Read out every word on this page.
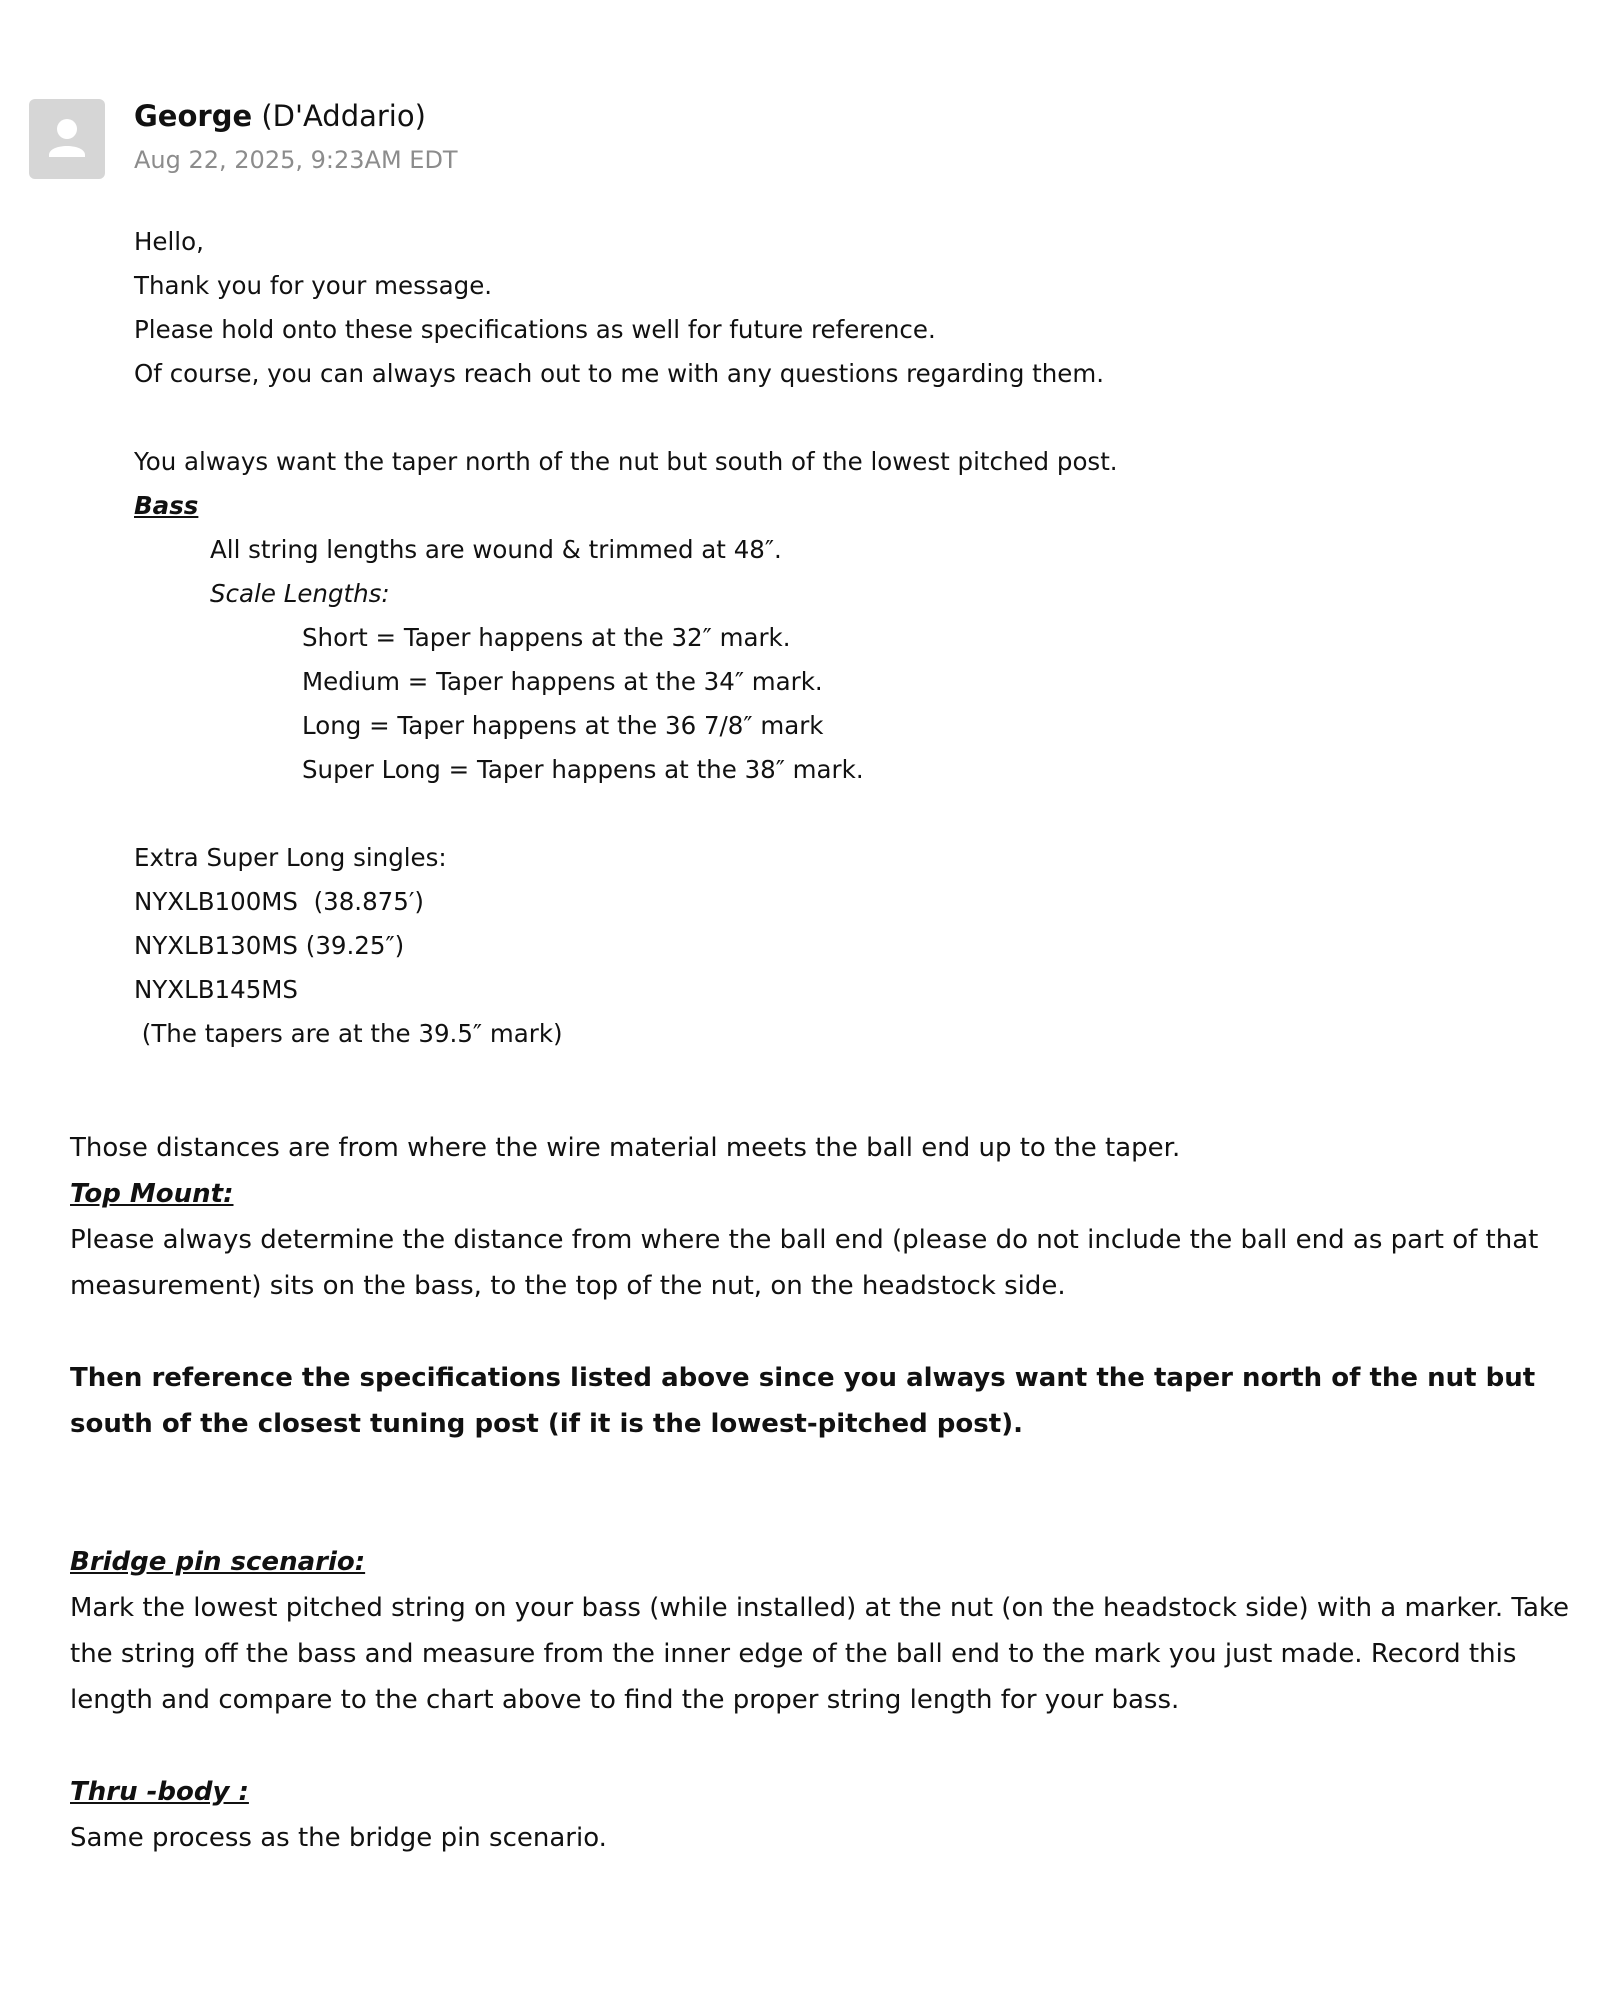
George (D'Addario)
Aug 22, 2025, 9:23AM EDT

Hello,

Thank you for your message.

Please hold onto these specifications as well for future reference.

Of course, you can always reach out to me with any questions regarding them.

You always want the taper north of the nut but south of the lowest pitched post.

Bass

All string lengths are wound & trimmed at 48″.

Scale Lengths:

Short = Taper happens at the 32″ mark.

Medium = Taper happens at the 34″ mark.

Long = Taper happens at the 36 7/8″ mark

Super Long = Taper happens at the 38″ mark.

Extra Super Long singles:

NYXLB100MS  (38.875′)

NYXLB130MS (39.25″)

NYXLB145MS

(The tapers are at the 39.5″ mark)

Those distances are from where the wire material meets the ball end up to the taper.

Top Mount:

Please always determine the distance from where the ball end (please do not include the ball end as part of that measurement) sits on the bass, to the top of the nut, on the headstock side.

Then reference the specifications listed above since you always want the taper north of the nut but south of the closest tuning post (if it is the lowest-pitched post).

Bridge pin scenario:

Mark the lowest pitched string on your bass (while installed) at the nut (on the headstock side) with a marker. Take the string off the bass and measure from the inner edge of the ball end to the mark you just made. Record this length and compare to the chart above to find the proper string length for your bass.

Thru -body :

Same process as the bridge pin scenario.
